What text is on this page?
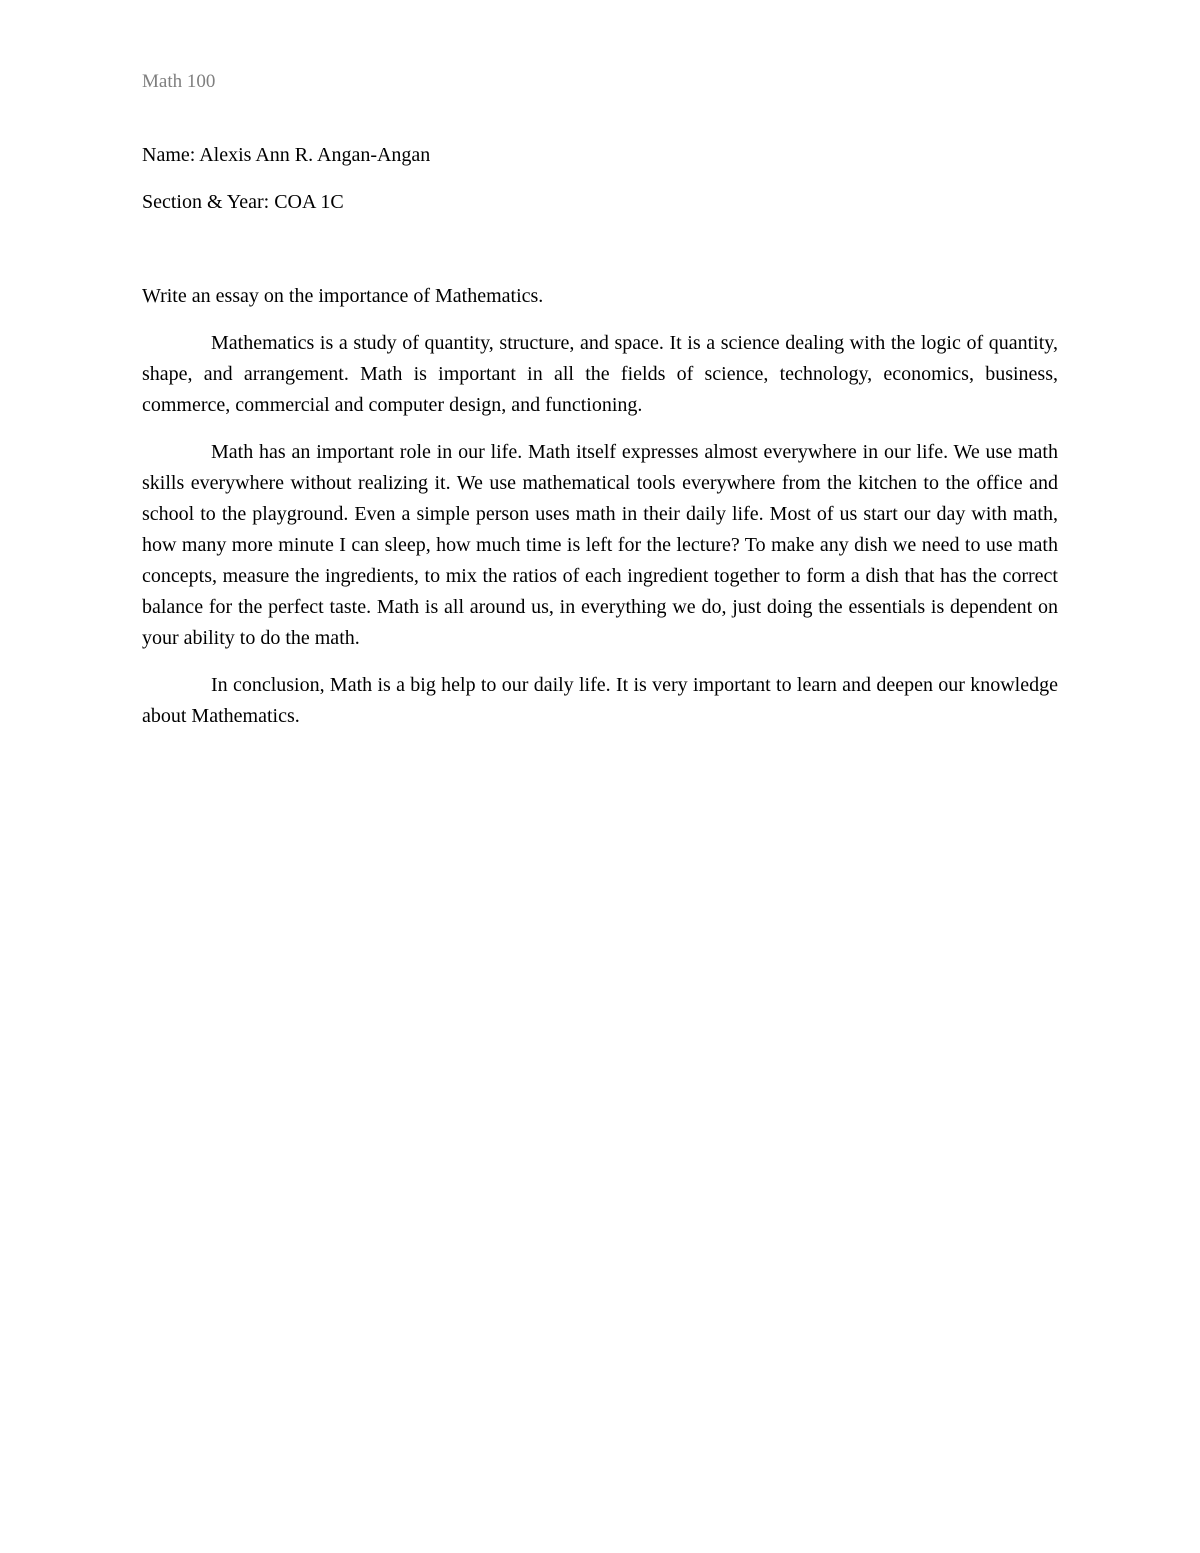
Math 100

Name: Alexis Ann R. Angan-Angan

Section & Year: COA 1C

Write an essay on the importance of Mathematics.

Mathematics is a study of quantity, structure, and space. It is a science dealing with the logic of quantity, shape, and arrangement. Math is important in all the fields of science, technology, economics, business, commerce, commercial and computer design, and functioning.

Math has an important role in our life. Math itself expresses almost everywhere in our life. We use math skills everywhere without realizing it. We use mathematical tools everywhere from the kitchen to the office and school to the playground. Even a simple person uses math in their daily life. Most of us start our day with math, how many more minute I can sleep, how much time is left for the lecture? To make any dish we need to use math concepts, measure the ingredients, to mix the ratios of each ingredient together to form a dish that has the correct balance for the perfect taste. Math is all around us, in everything we do, just doing the essentials is dependent on your ability to do the math.

In conclusion, Math is a big help to our daily life. It is very important to learn and deepen our knowledge about Mathematics.
